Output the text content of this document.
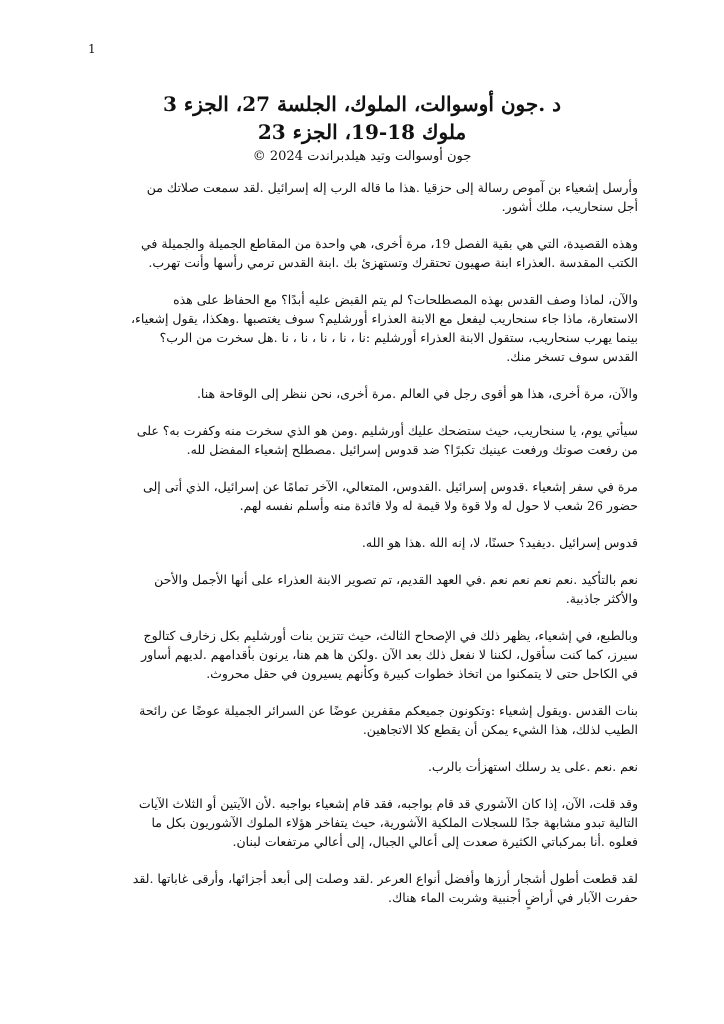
1
د .جون أوسوالت، الملوك، الجلسة 27، الجزء 3
ملوك 18-19، الجزء 23
جون أوسوالت وتيد هيلدبراندت 2024 ©

وأرسل إشعياء بن آموص رسالة إلى حزقيا .هذا ما قاله الرب إله إسرائيل .لقد سمعت صلاتك من أجل سنحاريب، ملك أشور.

وهذه القصيدة، التي هي بقية الفصل 19، مرة أخرى، هي واحدة من المقاطع الجميلة والجميلة في الكتب المقدسة .العذراء ابنة صهيون تحتقرك وتستهزئ بك .ابنة القدس ترمي رأسها وأنت تهرب.

والآن، لماذا وصف القدس بهذه المصطلحات؟ لم يتم القبض عليه أبدًا؟ مع الحفاظ على هذه الاستعارة، ماذا جاء سنحاريب ليفعل مع الابنة العذراء أورشليم؟ سوف يغتصبها .وهكذا، يقول إشعياء، بينما يهرب سنحاريب، ستقول الابنة العذراء أورشليم :نا ، نا ، نا ، نا ، نا .هل سخرت من الرب؟ القدس سوف تسخر منك.

والآن، مرة أخرى، هذا هو أقوى رجل في العالم .مرة أخرى، نحن ننظر إلى الوقاحة هنا.

سيأتي يوم، يا سنحاريب، حيث ستضحك عليك أورشليم .ومن هو الذي سخرت منه وكفرت به؟ على من رفعت صوتك ورفعت عينيك تكبرًا؟ ضد قدوس إسرائيل .مصطلح إشعياء المفضل لله.

مرة في سفر إشعياء .قدوس إسرائيل .القدوس، المتعالي، الآخر تمامًا عن إسرائيل، الذي أتى إلى حضور 26 شعب لا حول له ولا قوة ولا قيمة له ولا فائدة منه وأسلم نفسه لهم.

قدوس إسرائيل .ديفيد؟ حسنًا، لا، إنه الله .هذا هو الله.

نعم بالتأكيد .نعم نعم نعم نعم .في العهد القديم، تم تصوير الابنة العذراء على أنها الأجمل والأحن والأكثر جاذبية.

وبالطبع، في إشعياء، يظهر ذلك في الإصحاح الثالث، حيث تتزين بنات أورشليم بكل زخارف كتالوج سيرز، كما كنت سأقول، لكننا لا نفعل ذلك بعد الآن .ولكن ها هم هنا، يرنون بأقدامهم .لديهم أساور في الكاحل حتى لا يتمكنوا من اتخاذ خطوات كبيرة وكأنهم يسيرون في حقل محروث.

بنات القدس .ويقول إشعياء :وتكونون جميعكم مقفرين عوضًا عن السرائر الجميلة عوضًا عن رائحة الطيب لذلك، هذا الشيء يمكن أن يقطع كلا الاتجاهين.

نعم .نعم .على يد رسلك استهزأت بالرب.

وقد قلت، الآن، إذا كان الآشوري قد قام بواجبه، فقد قام إشعياء بواجبه .لأن الآيتين أو الثلاث الآيات التالية تبدو مشابهة جدًا للسجلات الملكية الآشورية، حيث يتفاخر هؤلاء الملوك الآشوريون بكل ما فعلوه .أنا بمركباتي الكثيرة صعدت إلى أعالي الجبال، إلى أعالي مرتفعات لبنان.

لقد قطعت أطول أشجار أرزها وأفضل أنواع العرعر .لقد وصلت إلى أبعد أجزائها، وأرقى غاباتها .لقد حفرت الآبار في أراضٍ أجنبية وشربت الماء هناك.
